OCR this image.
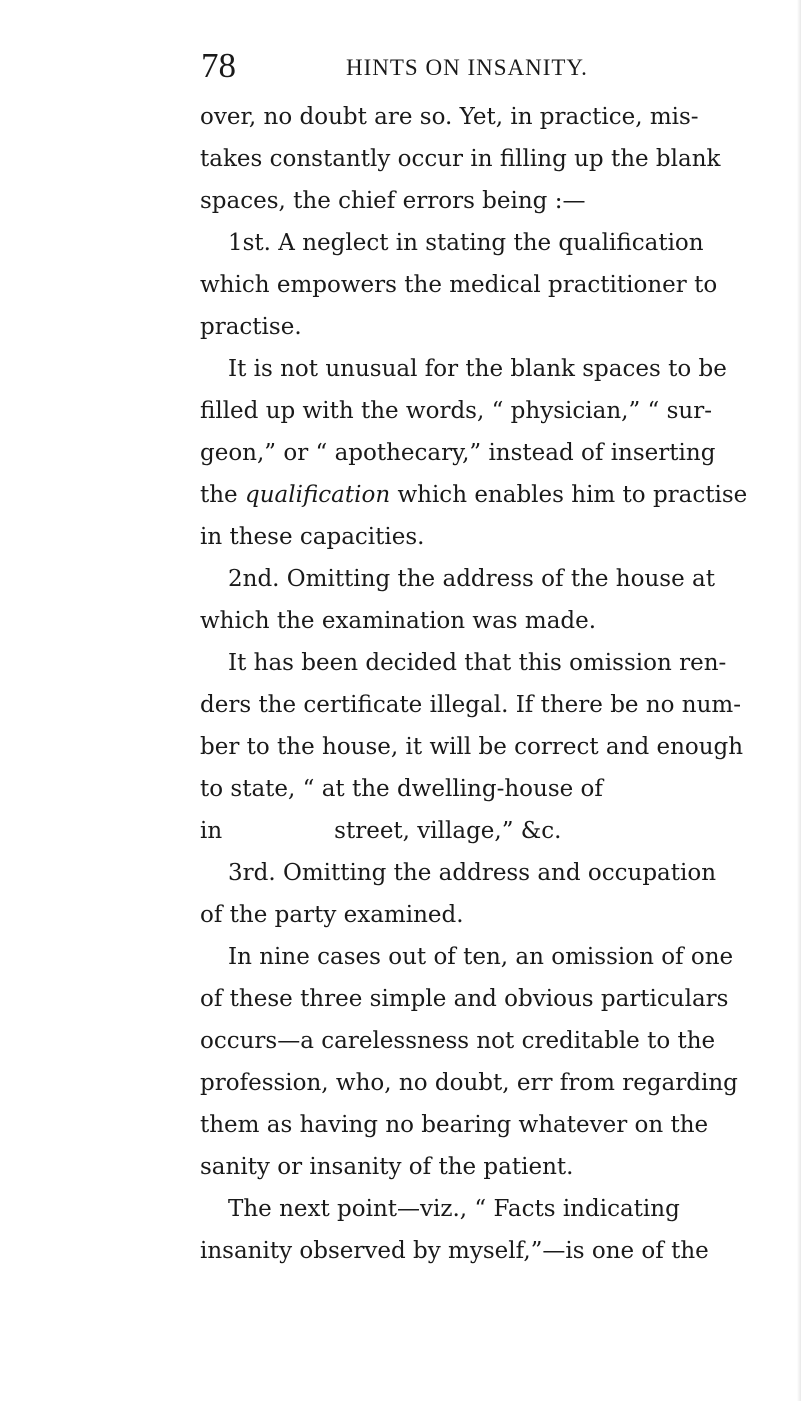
78	HINTS ON INSANITY.
over, no doubt are so. Yet, in practice, mis-
takes constantly occur in filling up the blank
spaces, the chief errors being :—
1st. A neglect in stating the qualification
which empowers the medical practitioner to
practise.
It is not unusual for the blank spaces to be
filled up with the words, “ physician,” “ sur-
geon,” or “ apothecary,” instead of inserting
the qualification which enables him to practise
in these capacities.
2nd. Omitting the address of the house at
which the examination was made.
It has been decided that this omission ren-
ders the certificate illegal. If there be no num-
ber to the house, it will be correct and enough
to state, “ at the dwelling-house of
in	street, village,” &c.
3rd. Omitting the address and occupation
of the party examined.
In nine cases out of ten, an omission of one
of these three simple and obvious particulars
occurs—a carelessness not creditable to the
profession, who, no doubt, err from regarding
them as having no bearing whatever on the
sanity or insanity of the patient.
The next point—viz., “ Facts indicating
insanity observed by myself,”—is one of the
